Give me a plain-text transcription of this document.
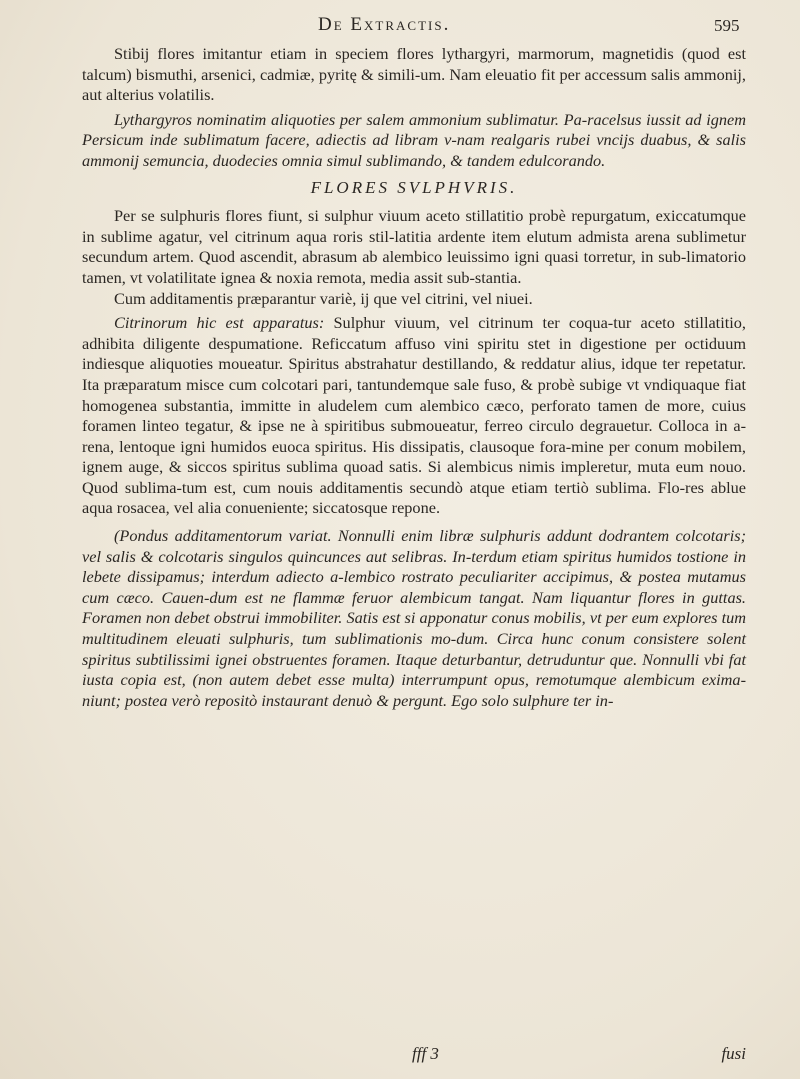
De Extractis.	595

Stibij flores imitantur etiam in speciem flores lythargyri, marmorum, magnetidis (quod est talcum) bismuthi, arsenici, cadmiæ, pyritę & simili-um. Nam eleuatio fit per accessum salis ammonij, aut alterius volatilis.

Lythargyros nominatim aliquoties per salem ammonium sublimatur. Pa-racelsus iussit ad ignem Persicum inde sublimatum facere, adiectis ad libram v-nam realgaris rubei vncijs duabus, & salis ammonij semuncia, duodecies omnia simul sublimando, & tandem edulcorando.

FLORES SVLPHVRIS.

Per se sulphuris flores fiunt, si sulphur viuum aceto stillatitio probè repurgatum, exiccatumque in sublime agatur, vel citrinum aqua roris stil-latitia ardente item elutum admista arena sublimetur secundum artem. Quod ascendit, abrasum ab alembico leuissimo igni quasi torretur, in sub-limatorio tamen, vt volatilitate ignea & noxia remota, media assit sub-stantia.

Cum additamentis præparantur variè, ij que vel citrini, vel niuei.

Citrinorum hic est apparatus: Sulphur viuum, vel citrinum ter coqua-tur aceto stillatitio, adhibita diligente despumatione. Reficcatum affuso vini spiritu stet in digestione per octiduum indiesque aliquoties moueatur. Spiritus abstrahatur destillando, & reddatur alius, idque ter repetatur. Ita præparatum misce cum colcotari pari, tantundemque sale fuso, & probè subige vt vndiquaque fiat homogenea substantia, immitte in aludelem cum alembico cæco, perforato tamen de more, cuius foramen linteo tegatur, & ipse ne à spiritibus submoueatur, ferreo circulo degrauetur. Colloca in a-rena, lentoque igni humidos euoca spiritus. His dissipatis, clausoque fora-mine per conum mobilem, ignem auge, & siccos spiritus sublima quoad satis. Si alembicus nimis impleretur, muta eum nouo. Quod sublima-tum est, cum nouis additamentis secundò atque etiam tertiò sublima. Flo-res ablue aqua rosacea, vel alia conueniente; siccatosque repone.

(Pondus additamentorum variat. Nonnulli enim libræ sulphuris addunt dodrantem colcotaris; vel salis & colcotaris singulos quincunces aut selibras. In-terdum etiam spiritus humidos tostione in lebete dissipamus; interdum adiecto a-lembico rostrato peculiariter accipimus, & postea mutamus cum cæco. Cauen-dum est ne flammæ feruor alembicum tangat. Nam liquantur flores in guttas. Foramen non debet obstrui immobiliter. Satis est si apponatur conus mobilis, vt per eum explores tum multitudinem eleuati sulphuris, tum sublimationis mo-dum. Circa hunc conum consistere solent spiritus subtilissimi ignei obstruentes foramen. Itaque deturbantur, detruduntur que. Nonnulli vbi fat iusta copia est, (non autem debet esse multa) interrumpunt opus, remotumque alembicum exima-niunt; postea verò repositò instaurant denuò & pergunt. Ego solo sulphure ter in-

fff 3	fusi
